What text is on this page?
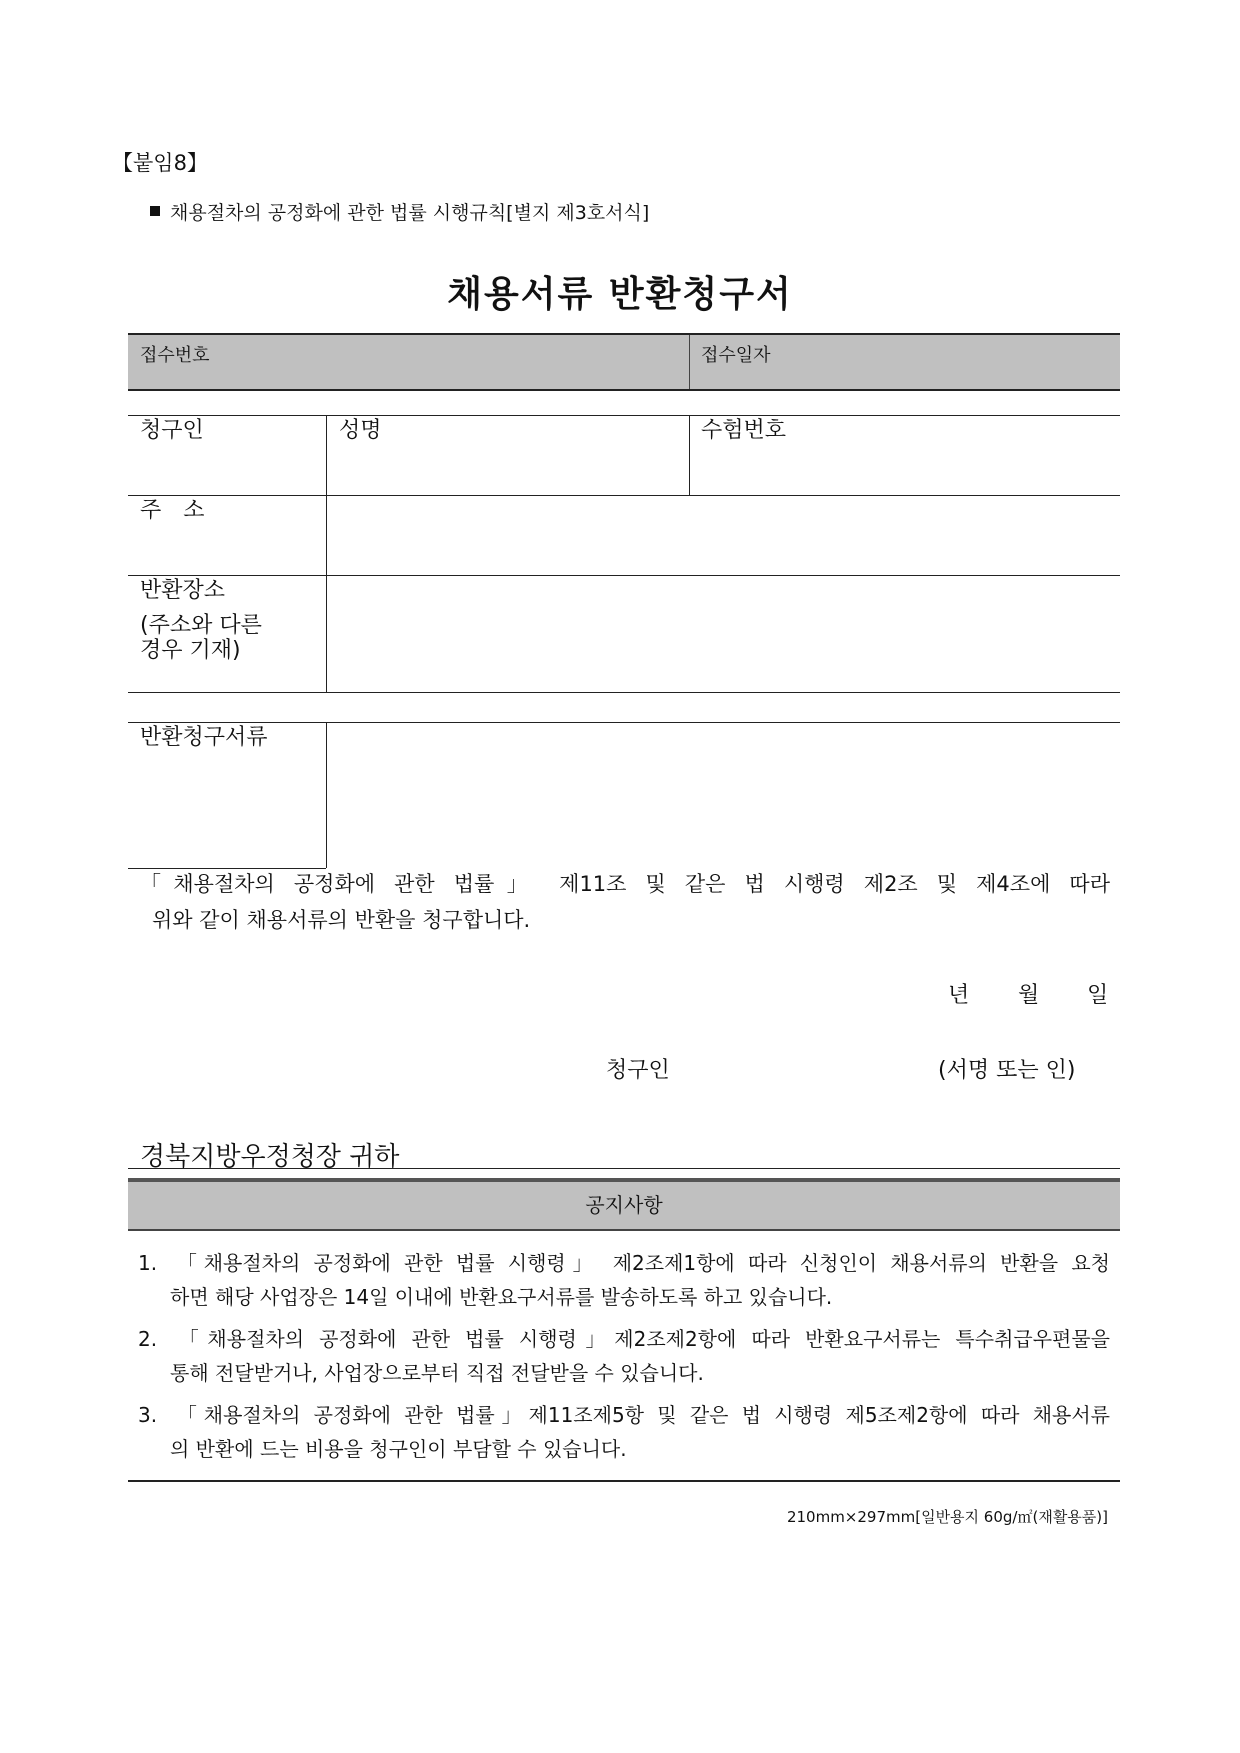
【붙임8】
채용절차의 공정화에 관한 법률 시행규칙[별지 제3호서식]
채용서류 반환청구서
접수번호	접수일자
청구인	성명	수험번호
주　소
반환장소
(주소와 다른
경우 기재)
반환청구서류
「채용절차의 공정화에 관한 법률」 제11조 및 같은 법 시행령 제2조 및 제4조에 따라
위와 같이 채용서류의 반환을 청구합니다.
년 월 일
청구인	(서명 또는 인)
경북지방우정청장 귀하
공지사항
1. 「채용절차의 공정화에 관한 법률 시행령」 제2조제1항에 따라 신청인이 채용서류의 반환을 요청
하면 해당 사업장은 14일 이내에 반환요구서류를 발송하도록 하고 있습니다.
2. 「채용절차의 공정화에 관한 법률 시행령」제2조제2항에 따라 반환요구서류는 특수취급우편물을
통해 전달받거나, 사업장으로부터 직접 전달받을 수 있습니다.
3. 「채용절차의 공정화에 관한 법률」제11조제5항 및 같은 법 시행령 제5조제2항에 따라 채용서류
의 반환에 드는 비용을 청구인이 부담할 수 있습니다.
210mm×297mm[일반용지 60g/㎡(재활용품)]
